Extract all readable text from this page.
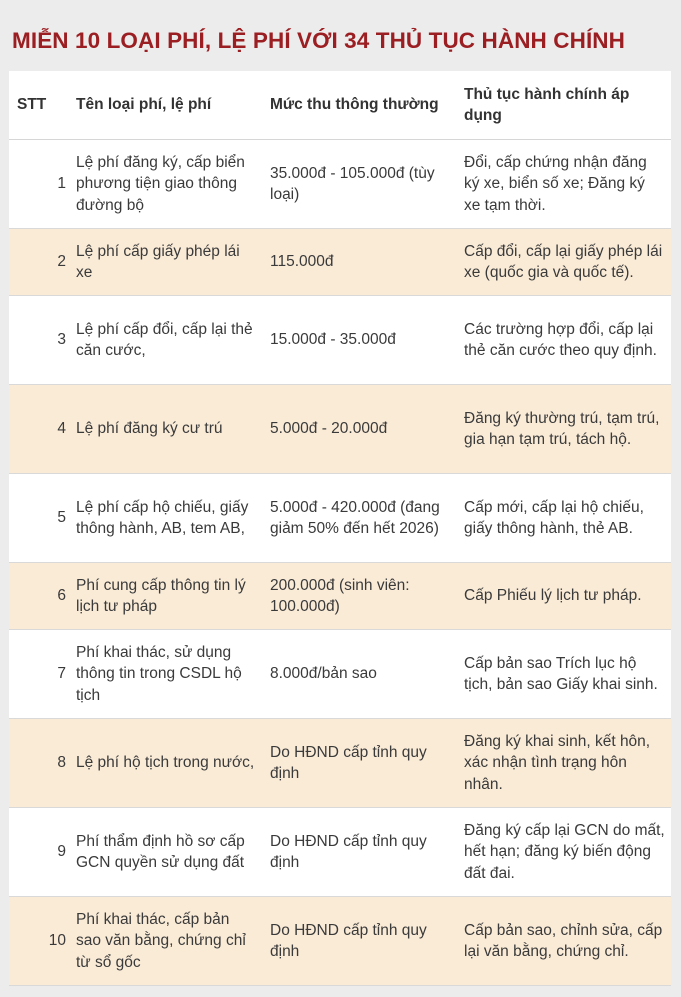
MIỄN 10 LOẠI PHÍ, LỆ PHÍ VỚI 34 THỦ TỤC HÀNH CHÍNH
STT	Tên loại phí, lệ phí	Mức thu thông thường	Thủ tục hành chính áp dụng
1	Lệ phí đăng ký, cấp biển phương tiện giao thông đường bộ	35.000đ - 105.000đ (tùy loại)	Đổi, cấp chứng nhận đăng ký xe, biển số xe; Đăng ký xe tạm thời.
2	Lệ phí cấp giấy phép lái xe	115.000đ	Cấp đổi, cấp lại giấy phép lái xe (quốc gia và quốc tế).
3	Lệ phí cấp đổi, cấp lại thẻ căn cước,	15.000đ - 35.000đ	Các trường hợp đổi, cấp lại thẻ căn cước theo quy định.
4	Lệ phí đăng ký cư trú	5.000đ - 20.000đ	Đăng ký thường trú, tạm trú, gia hạn tạm trú, tách hộ.
5	Lệ phí cấp hộ chiếu, giấy thông hành, AB, tem AB,	5.000đ - 420.000đ (đang giảm 50% đến hết 2026)	Cấp mới, cấp lại hộ chiếu, giấy thông hành, thẻ AB.
6	Phí cung cấp thông tin lý lịch tư pháp	200.000đ (sinh viên: 100.000đ)	Cấp Phiếu lý lịch tư pháp.
7	Phí khai thác, sử dụng thông tin trong CSDL hộ tịch	8.000đ/bản sao	Cấp bản sao Trích lục hộ tịch, bản sao Giấy khai sinh.
8	Lệ phí hộ tịch trong nước,	Do HĐND cấp tỉnh quy định	Đăng ký khai sinh, kết hôn, xác nhận tình trạng hôn nhân.
9	Phí thẩm định hồ sơ cấp GCN quyền sử dụng đất	Do HĐND cấp tỉnh quy định	Đăng ký cấp lại GCN do mất, hết hạn; đăng ký biến động đất đai.
10	Phí khai thác, cấp bản sao văn bằng, chứng chỉ từ sổ gốc	Do HĐND cấp tỉnh quy định	Cấp bản sao, chỉnh sửa, cấp lại văn bằng, chứng chỉ.
